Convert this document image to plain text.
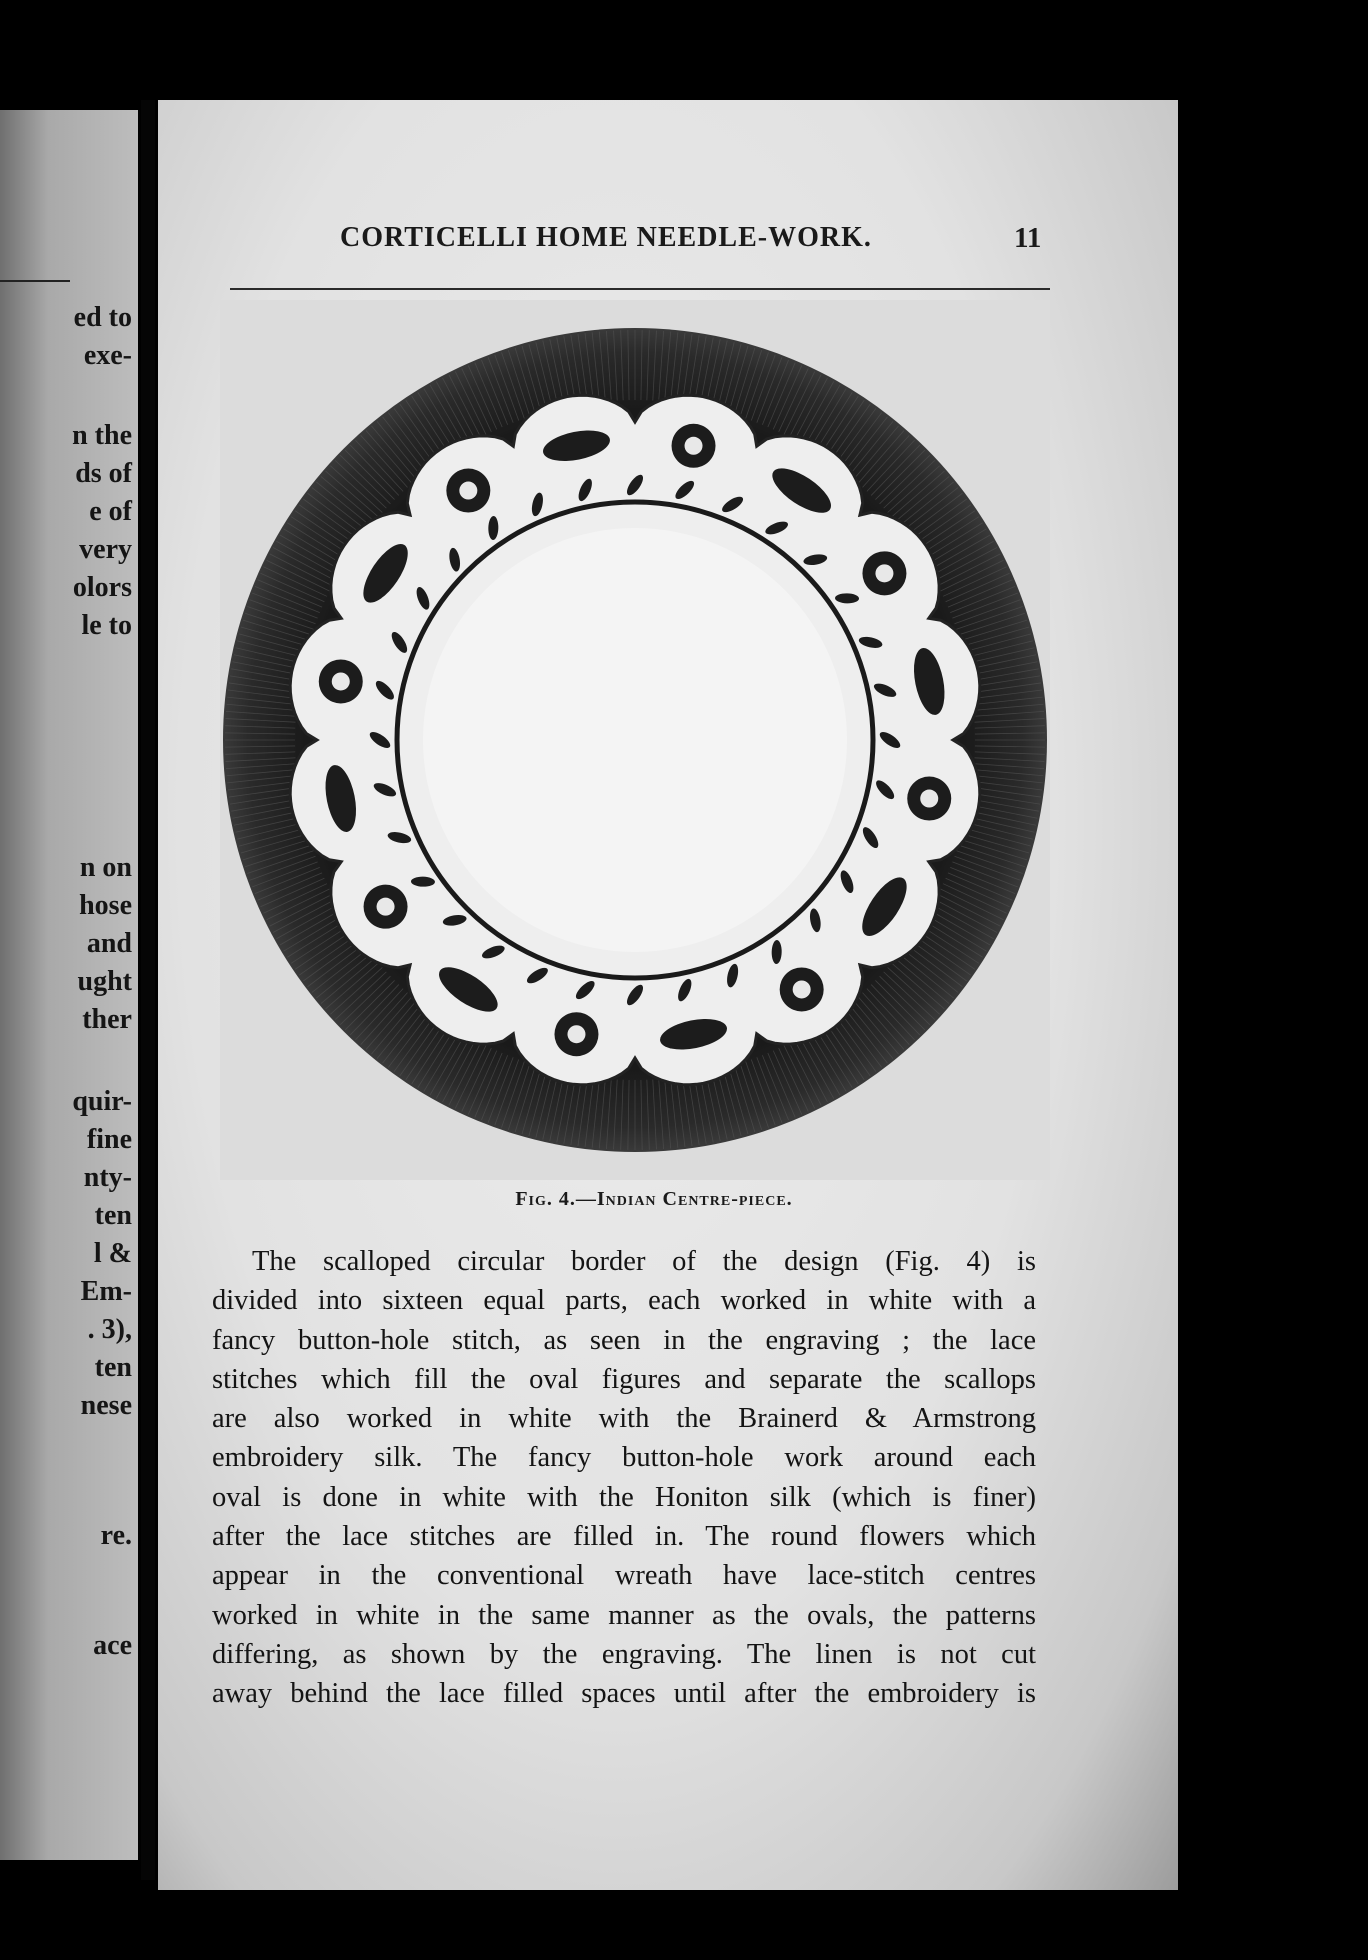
ed to
exe-
n the
ds of
e of
very
olors
le to
n on
hose
and
ught
ther
quir-
fine
nty-
ten
l &
Em-
. 3),
ten
nese
re.
ace
CORTICELLI HOME NEEDLE-WORK.	11
Fig. 4.—Indian Centre-piece.
The scalloped circular border of the design (Fig. 4) is
divided into sixteen equal parts, each worked in white with a
fancy button-hole stitch, as seen in the engraving ; the lace
stitches which fill the oval figures and separate the scallops
are also worked in white with the Brainerd & Armstrong
embroidery silk. The fancy button-hole work around each
oval is done in white with the Honiton silk (which is finer)
after the lace stitches are filled in. The round flowers which
appear in the conventional wreath have lace-stitch centres
worked in white in the same manner as the ovals, the patterns
differing, as shown by the engraving. The linen is not cut
away behind the lace filled spaces until after the embroidery is
